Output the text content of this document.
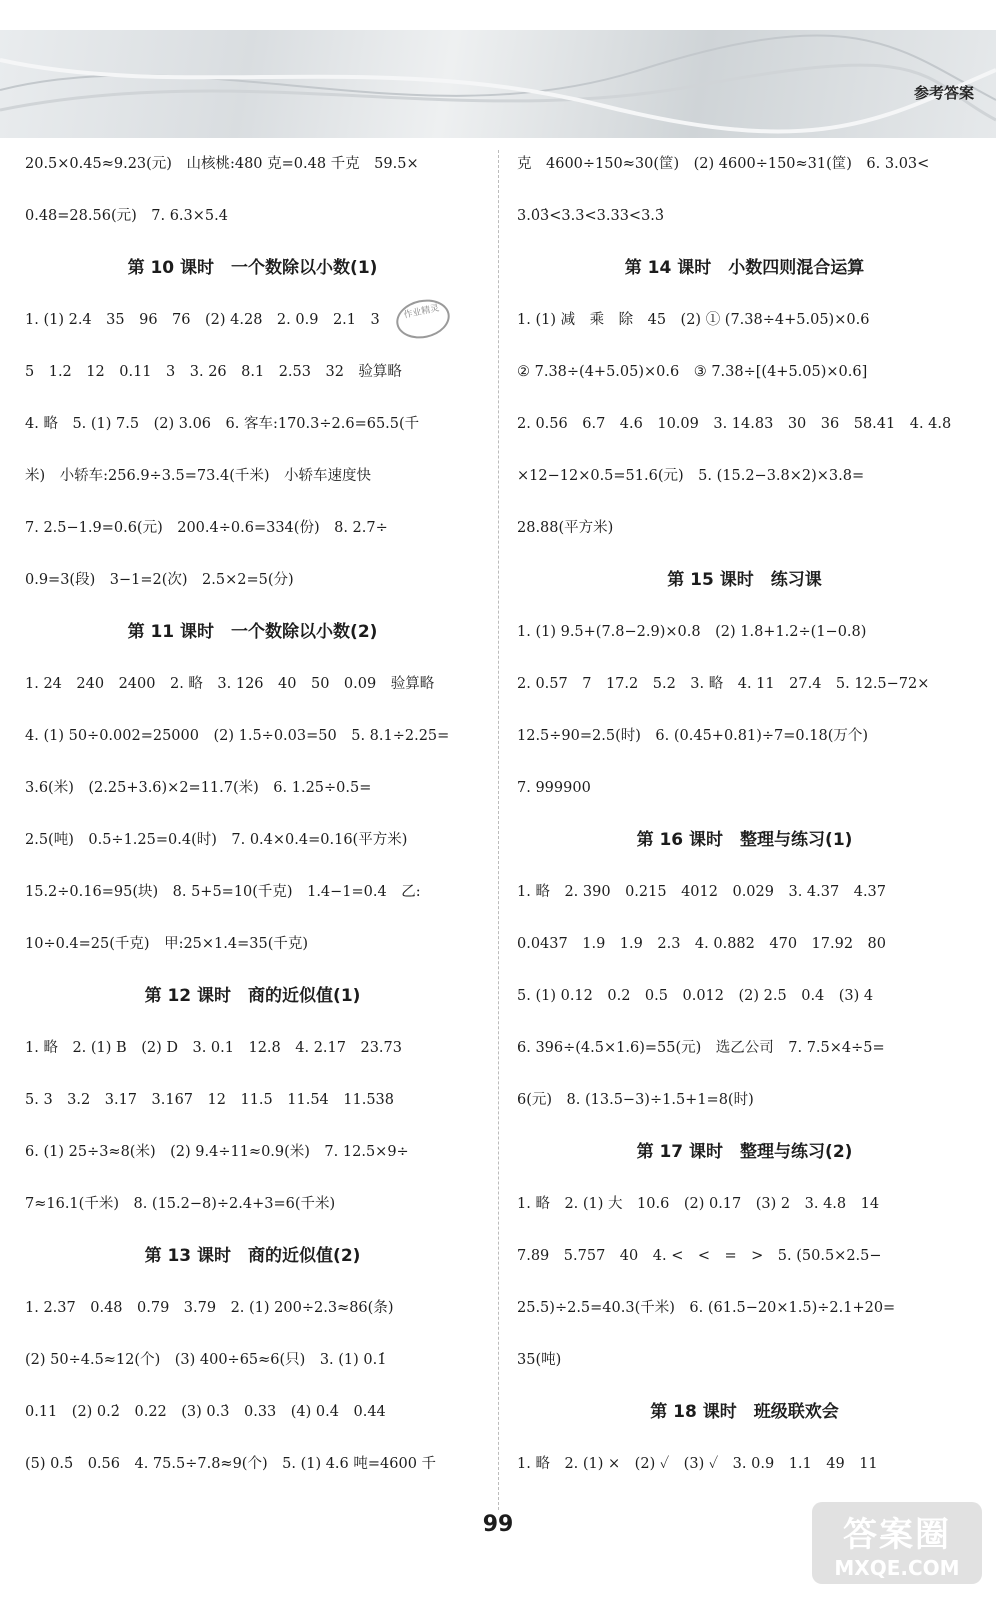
参考答案
20.5×0.45≈9.23(元)　山核桃:480 克=0.48 千克　59.5×
0.48=28.56(元)　7. 6.3×5.4
第 10 课时　一个数除以小数(1)
1. (1) 2.4　35　96　76　(2) 4.28　2. 0.9　2.1　3
5　1.2　12　0.11　3　3. 26　8.1　2.53　32　验算略
4. 略　5. (1) 7.5　(2) 3.06　6. 客车:170.3÷2.6=65.5(千
米)　小轿车:256.9÷3.5=73.4(千米)　小轿车速度快
7. 2.5−1.9=0.6(元)　200.4÷0.6=334(份)　8. 2.7÷
0.9=3(段)　3−1=2(次)　2.5×2=5(分)
第 11 课时　一个数除以小数(2)
1. 24　240　2400　2. 略　3. 126　40　50　0.09　验算略
4. (1) 50÷0.002=25000　(2) 1.5÷0.03=50　5. 8.1÷2.25=
3.6(米)　(2.25+3.6)×2=11.7(米)　6. 1.25÷0.5=
2.5(吨)　0.5÷1.25=0.4(时)　7. 0.4×0.4=0.16(平方米)
15.2÷0.16=95(块)　8. 5+5=10(千克)　1.4−1=0.4　乙:
10÷0.4=25(千克)　甲:25×1.4=35(千克)
第 12 课时　商的近似值(1)
1. 略　2. (1) B　(2) D　3. 0.1　12.8　4. 2.17　23.73
5. 3　3.2　3.17　3.167　12　11.5　11.54　11.538
6. (1) 25÷3≈8(米)　(2) 9.4÷11≈0.9(米)　7. 12.5×9÷
7≈16.1(千米)　8. (15.2−8)÷2.4+3=6(千米)
第 13 课时　商的近似值(2)
1. 2.37　0.48　0.79　3.79　2. (1) 200÷2.3≈86(条)
(2) 50÷4.5≈12(个)　(3) 400÷65≈6(只)　3. (1) 0.1̇
0.11　(2) 0.2̇　0.22　(3) 0.3̇　0.33　(4) 0.4̇　0.44
(5) 0.5̇　0.56　4. 75.5÷7.8≈9(个)　5. (1) 4.6 吨=4600 千
克　4600÷150≈30(筐)　(2) 4600÷150≈31(筐)　6. 3.03<
3.0̇3̇<3.3<3.33<3.3̇
第 14 课时　小数四则混合运算
1. (1) 减　乘　除　45　(2) ① (7.38÷4+5.05)×0.6
② 7.38÷(4+5.05)×0.6　③ 7.38÷[(4+5.05)×0.6]
2. 0.56　6.7　4.6　10.09　3. 14.83　30　36　58.41　4. 4.8
×12−12×0.5=51.6(元)　5. (15.2−3.8×2)×3.8=
28.88(平方米)
第 15 课时　练习课
1. (1) 9.5+(7.8−2.9)×0.8　(2) 1.8+1.2÷(1−0.8)
2. 0.57　7　17.2　5.2　3. 略　4. 11　27.4　5. 12.5−72×
12.5÷90=2.5(时)　6. (0.45+0.81)÷7=0.18(万个)
7. 999900
第 16 课时　整理与练习(1)
1. 略　2. 390　0.215　4012　0.029　3. 4.37　4.37
0.0437　1.9　1.9　2.3　4. 0.882　470　17.92　80
5. (1) 0.12　0.2　0.5　0.012　(2) 2.5　0.4　(3) 4
6. 396÷(4.5×1.6)=55(元)　选乙公司　7. 7.5×4÷5=
6(元)　8. (13.5−3)÷1.5+1=8(时)
第 17 课时　整理与练习(2)
1. 略　2. (1) 大　10.6　(2) 0.17　(3) 2　3. 4.8　14
7.89　5.757　40　4. <　<　=　>　5. (50.5×2.5−
25.5)÷2.5=40.3(千米)　6. (61.5−20×1.5)÷2.1+20=
35(吨)
第 18 课时　班级联欢会
1. 略　2. (1) ×　(2) ✓　(3) ✓　3. 0.9　1.1　49　11
作业精灵
99	答案圈
MXQE.COM
